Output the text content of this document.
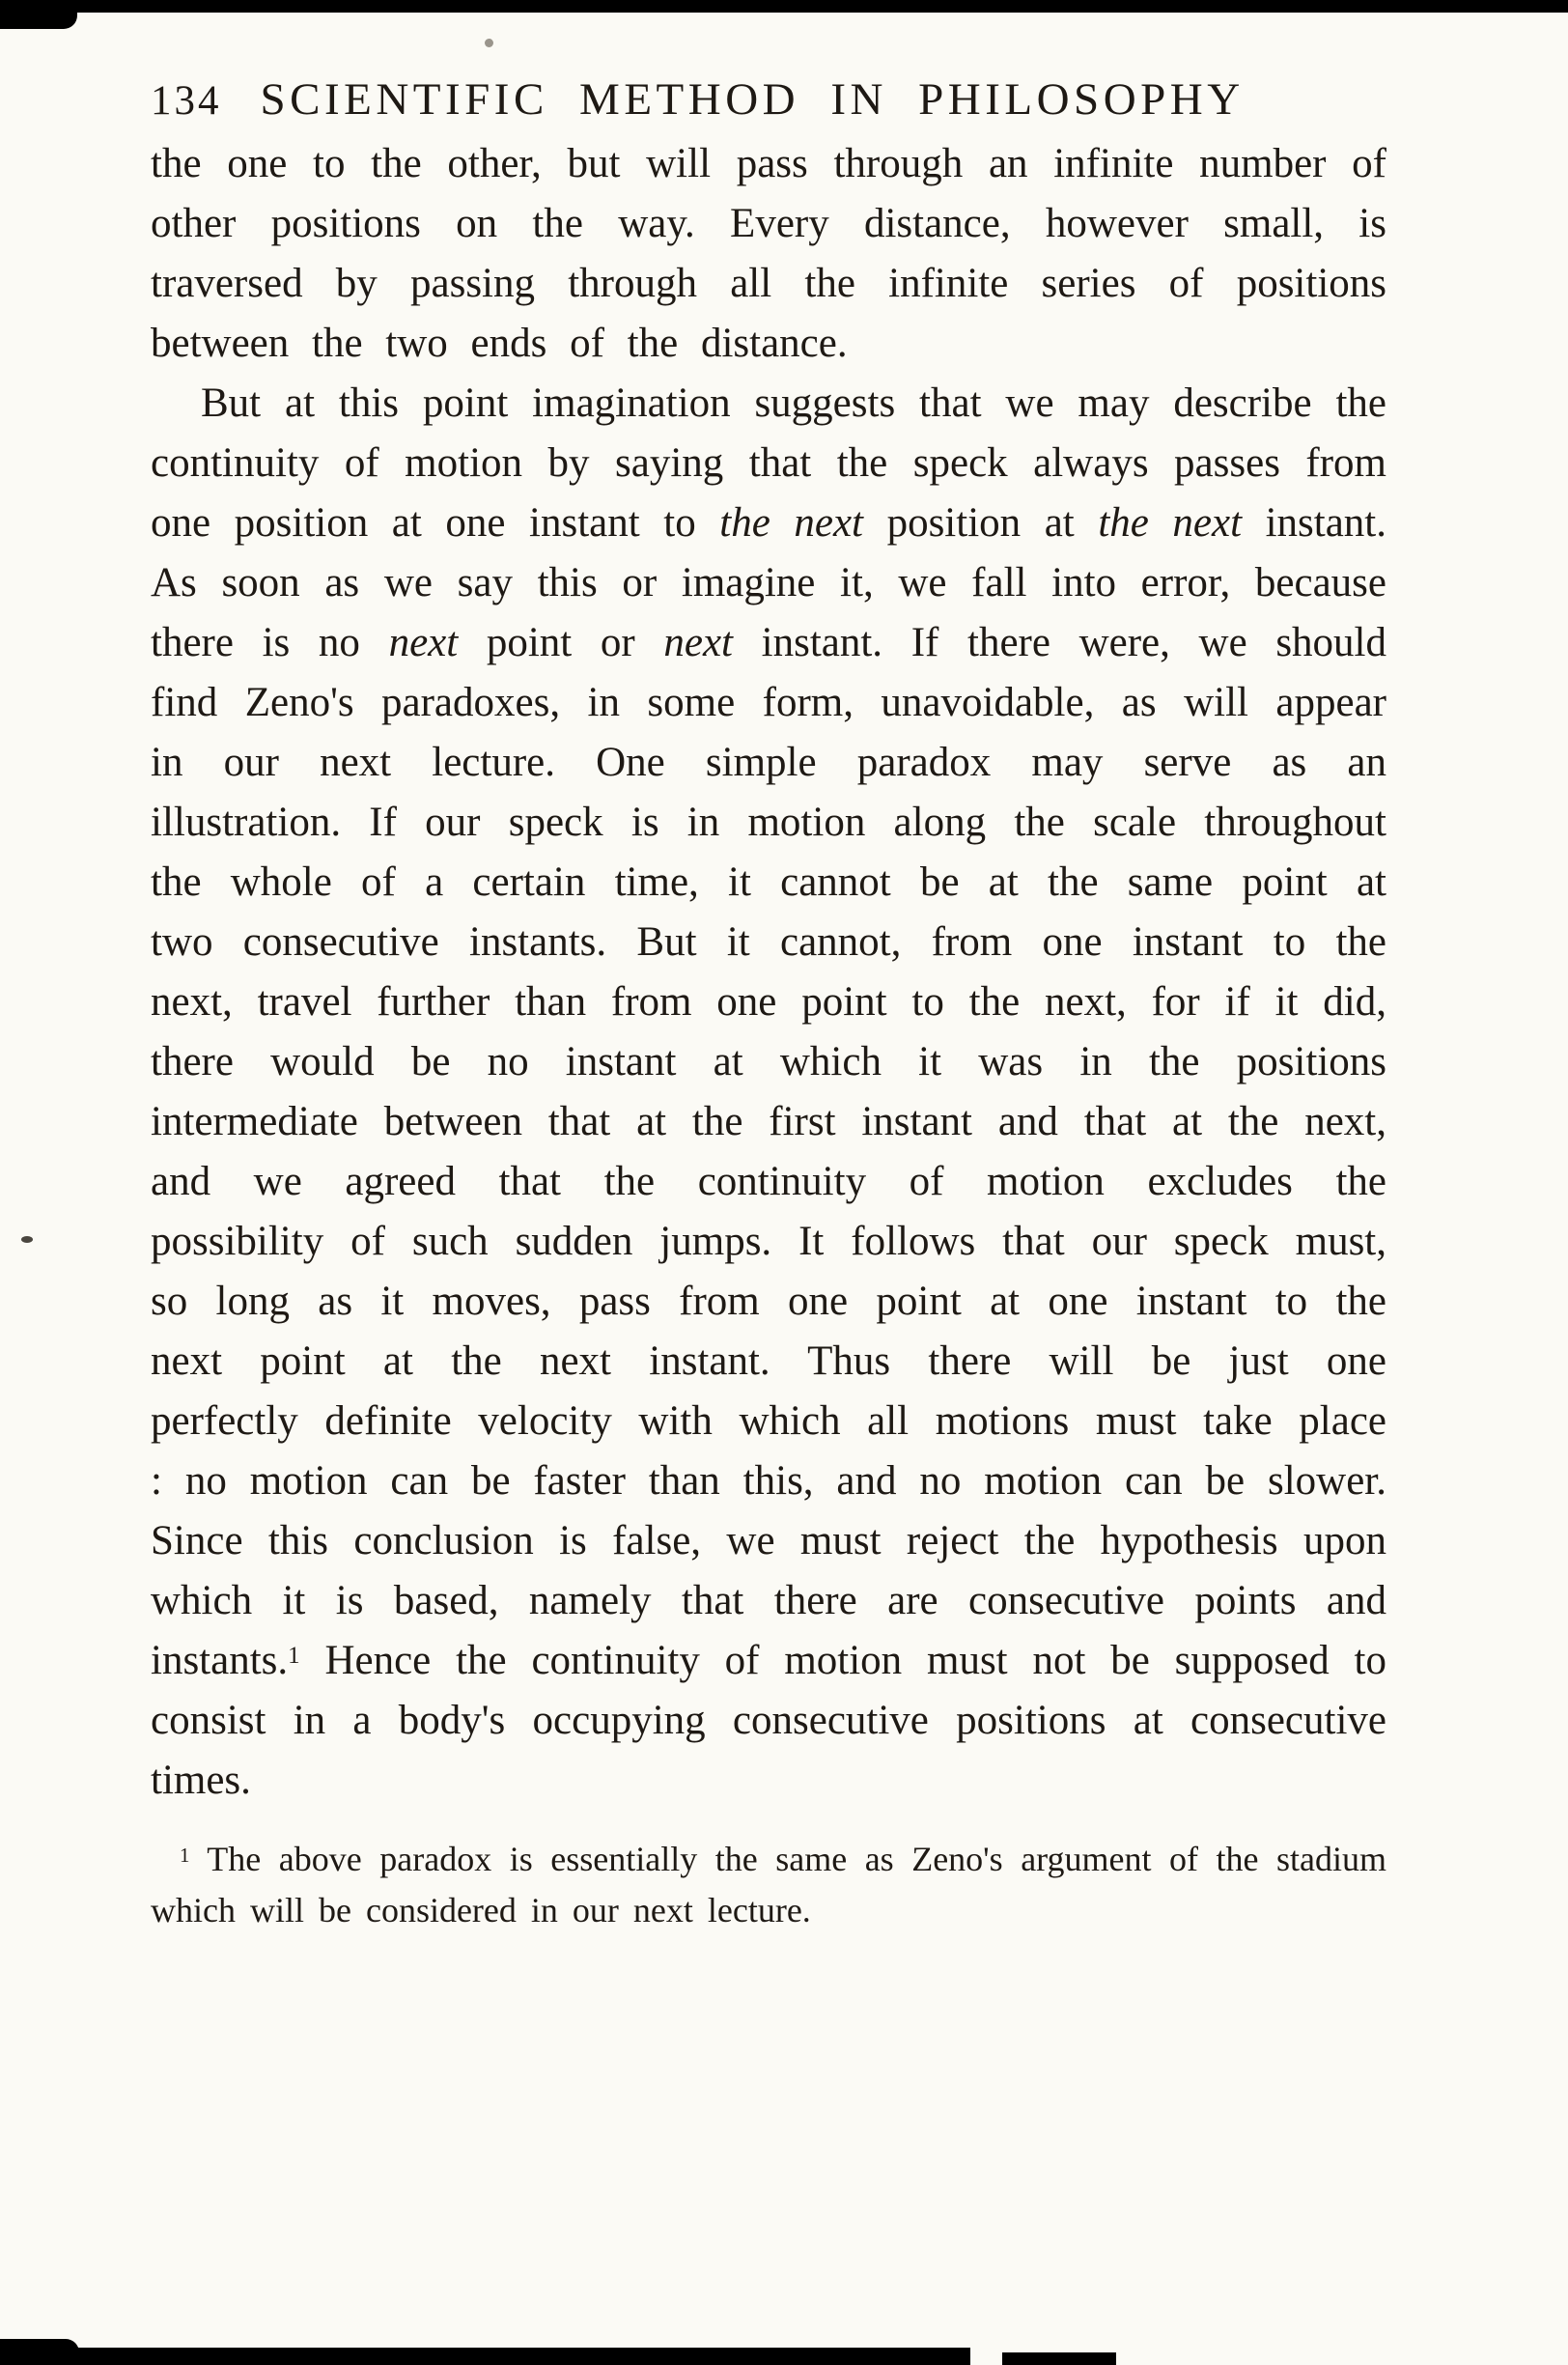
134 SCIENTIFIC METHOD IN PHILOSOPHY

the one to the other, but will pass through an infinite number of other positions on the way. Every distance, however small, is traversed by passing through all the infinite series of positions between the two ends of the distance.

But at this point imagination suggests that we may describe the continuity of motion by saying that the speck always passes from one position at one instant to the next position at the next instant. As soon as we say this or imagine it, we fall into error, because there is no next point or next instant. If there were, we should find Zeno's paradoxes, in some form, unavoidable, as will appear in our next lecture. One simple paradox may serve as an illustration. If our speck is in motion along the scale throughout the whole of a certain time, it cannot be at the same point at two consecutive instants. But it cannot, from one instant to the next, travel further than from one point to the next, for if it did, there would be no instant at which it was in the positions intermediate between that at the first instant and that at the next, and we agreed that the continuity of motion excludes the possibility of such sudden jumps. It follows that our speck must, so long as it moves, pass from one point at one instant to the next point at the next instant. Thus there will be just one perfectly definite velocity with which all motions must take place : no motion can be faster than this, and no motion can be slower. Since this conclusion is false, we must reject the hypothesis upon which it is based, namely that there are consecutive points and instants.$^1$ Hence the continuity of motion must not be supposed to consist in a body's occupying consecutive positions at consecutive times.

$^1$ The above paradox is essentially the same as Zeno's argument of the stadium which will be considered in our next lecture.
